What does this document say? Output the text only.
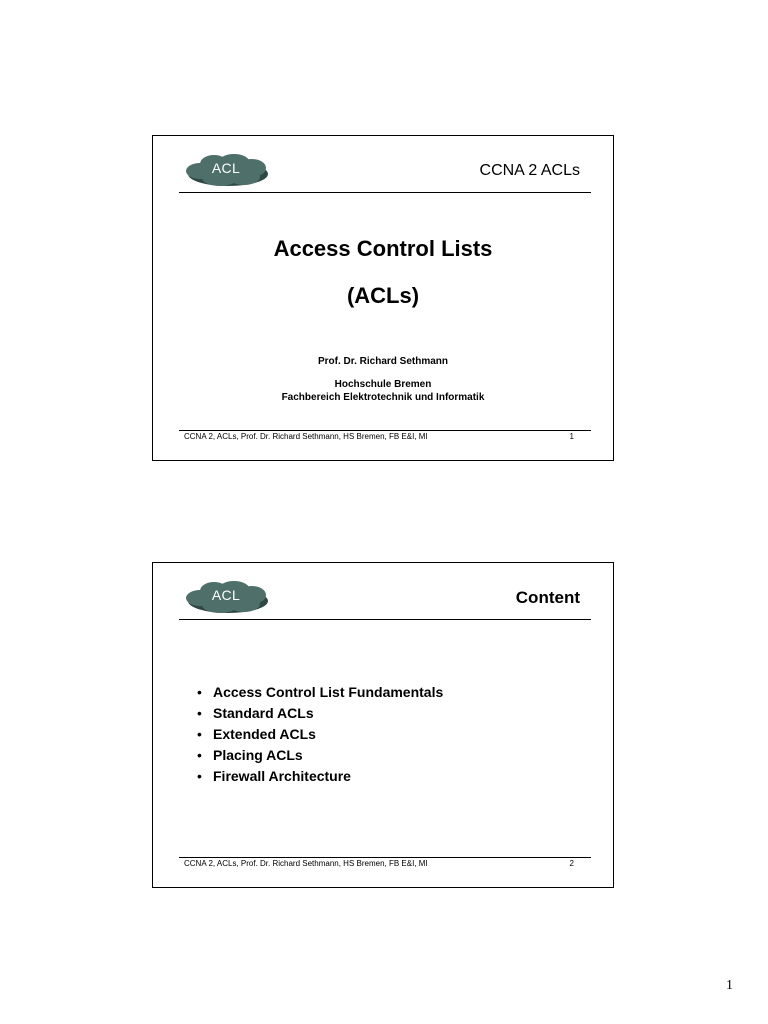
ACL	CCNA 2 ACLs
Access Control Lists
(ACLs)
Prof. Dr. Richard Sethmann
Hochschule Bremen
Fachbereich Elektrotechnik und Informatik
CCNA 2, ACLs, Prof. Dr. Richard Sethmann, HS Bremen, FB E&I, MI	1
ACL	Content
• Access Control List Fundamentals
• Standard ACLs
• Extended ACLs
• Placing ACLs
• Firewall Architecture
CCNA 2, ACLs, Prof. Dr. Richard Sethmann, HS Bremen, FB E&I, MI	2
1
